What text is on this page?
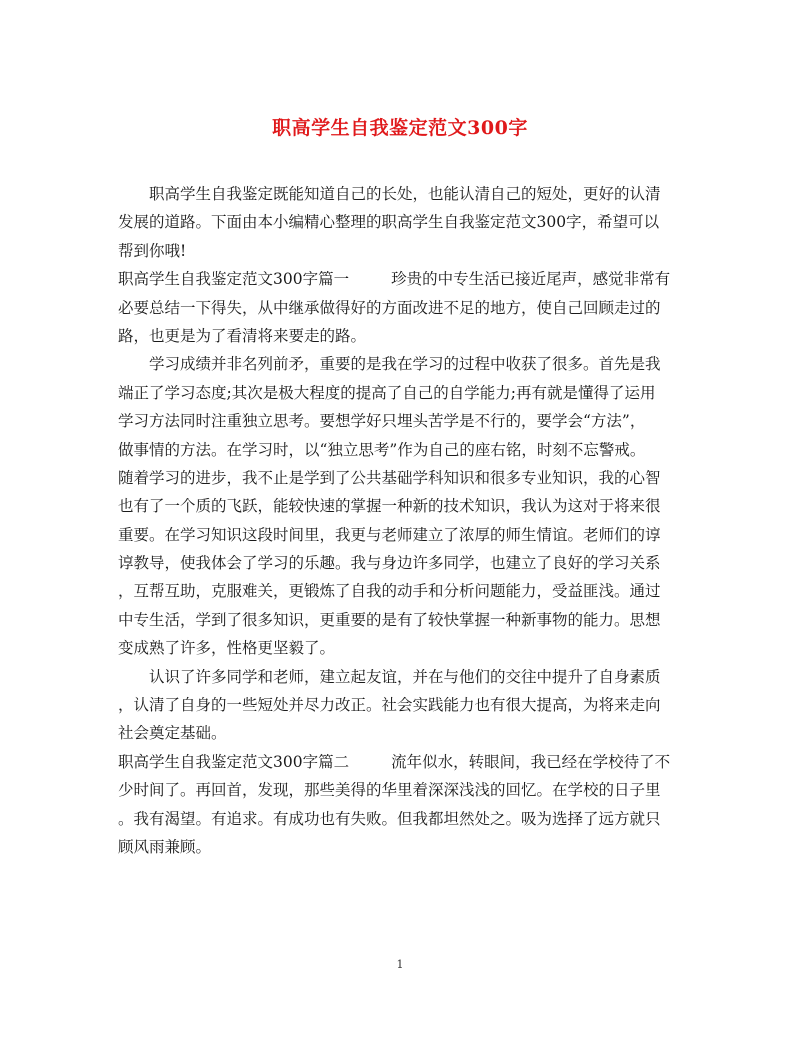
职高学生自我鉴定范文300字
职高学生自我鉴定既能知道自己的长处，也能认清自己的短处，更好的认清
发展的道路。下面由本小编精心整理的职高学生自我鉴定范文300字，希望可以
帮到你哦!
职高学生自我鉴定范文300字篇一	珍贵的中专生活已接近尾声，感觉非常有
必要总结一下得失，从中继承做得好的方面改进不足的地方，使自己回顾走过的
路，也更是为了看清将来要走的路。
学习成绩并非名列前矛，重要的是我在学习的过程中收获了很多。首先是我
端正了学习态度;其次是极大程度的提高了自己的自学能力;再有就是懂得了运用
学习方法同时注重独立思考。要想学好只埋头苦学是不行的，要学会“方法”，
做事情的方法。在学习时，以“独立思考”作为自己的座右铭，时刻不忘警戒。
随着学习的进步，我不止是学到了公共基础学科知识和很多专业知识，我的心智
也有了一个质的飞跃，能较快速的掌握一种新的技术知识，我认为这对于将来很
重要。在学习知识这段时间里，我更与老师建立了浓厚的师生情谊。老师们的谆
谆教导，使我体会了学习的乐趣。我与身边许多同学，也建立了良好的学习关系
，互帮互助，克服难关，更锻炼了自我的动手和分析问题能力，受益匪浅。通过
中专生活，学到了很多知识，更重要的是有了较快掌握一种新事物的能力。思想
变成熟了许多，性格更坚毅了。
认识了许多同学和老师，建立起友谊，并在与他们的交往中提升了自身素质
，认清了自身的一些短处并尽力改正。社会实践能力也有很大提高，为将来走向
社会奠定基础。
职高学生自我鉴定范文300字篇二	流年似水，转眼间，我已经在学校待了不
少时间了。再回首，发现，那些美得的华里着深深浅浅的回忆。在学校的日子里
。我有渴望。有追求。有成功也有失败。但我都坦然处之。吸为选择了远方就只
顾风雨兼顾。
1
